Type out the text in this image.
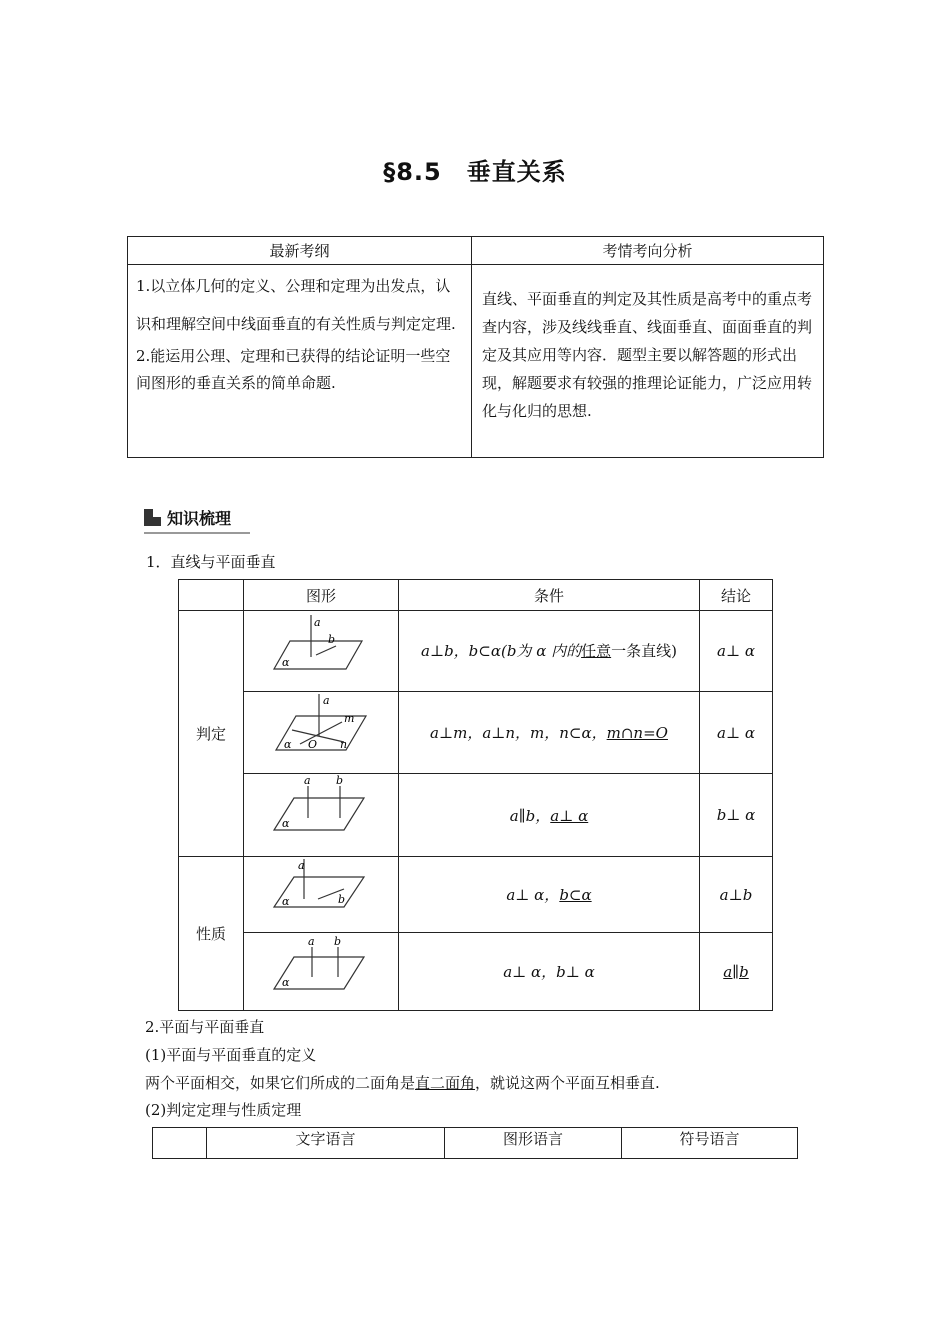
§8.5　垂直关系
最新考纲	考情考向分析

1.以立体几何的定义、公理和定理为出发点，认识和理解空间中线面垂直的有关性质与判定定理.
2.能运用公理、定理和已获得的结论证明一些空间图形的垂直关系的简单命题.	直线、平面垂直的判定及其性质是高考中的重点考查内容，涉及线线垂直、线面垂直、面面垂直的判定及其应用等内容．题型主要以解答题的形式出现，解题要求有较强的推理论证能力，广泛应用转化与化归的思想.
知识梳理
1．直线与平面垂直
	图形	条件	结论
判定	a
b
α	a⊥b，b⊂α(b为 α 内的任意一条直线)	a⊥ α

a
m
n
O
α	a⊥m，a⊥n，m，n⊂α，m∩n=O	a⊥ α

a b
α	a∥b，a⊥ α	b⊥ α
性质	a
b
α	a⊥ α，b⊂α	a⊥b

a b
α	a⊥ α，b⊥ α	a∥b
2.平面与平面垂直
(1)平面与平面垂直的定义
两个平面相交，如果它们所成的二面角是直二面角，就说这两个平面互相垂直.
(2)判定定理与性质定理
	文字语言	图形语言	符号语言
